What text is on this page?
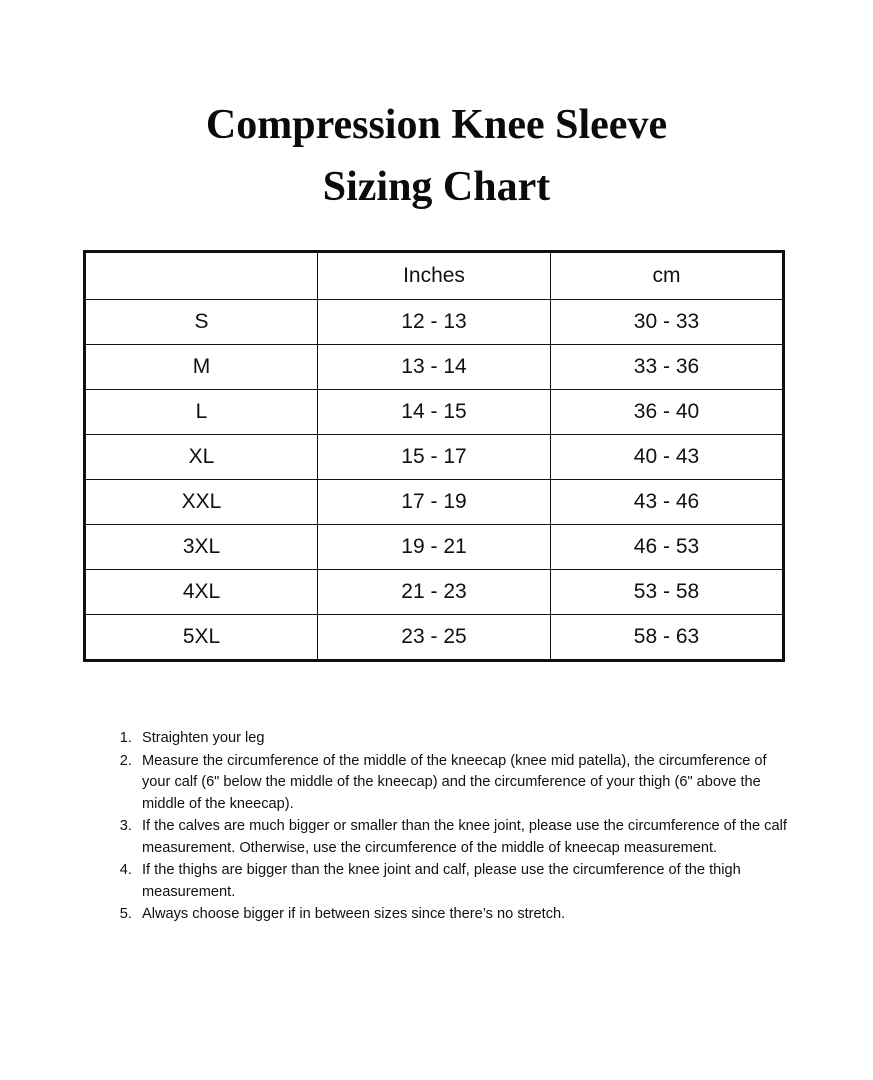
Compression Knee Sleeve
Sizing Chart
	Inches	cm
S	12 - 13	30 - 33
M	13 - 14	33 - 36
L	14 - 15	36 - 40
XL	15 - 17	40 - 43
XXL	17 - 19	43 - 46
3XL	19 - 21	46 - 53
4XL	21 - 23	53 - 58
5XL	23 - 25	58 - 63
1. Straighten your leg
2. Measure the circumference of the middle of the kneecap (knee mid patella), the circumference of your calf (6" below the middle of the kneecap) and the circumference of your thigh (6" above the middle of the kneecap).
3. If the calves are much bigger or smaller than the knee joint, please use the circumference of the calf measurement. Otherwise, use the circumference of the middle of kneecap measurement.
4. If the thighs are bigger than the knee joint and calf, please use the circumference of the thigh measurement.
5. Always choose bigger if in between sizes since there’s no stretch.
